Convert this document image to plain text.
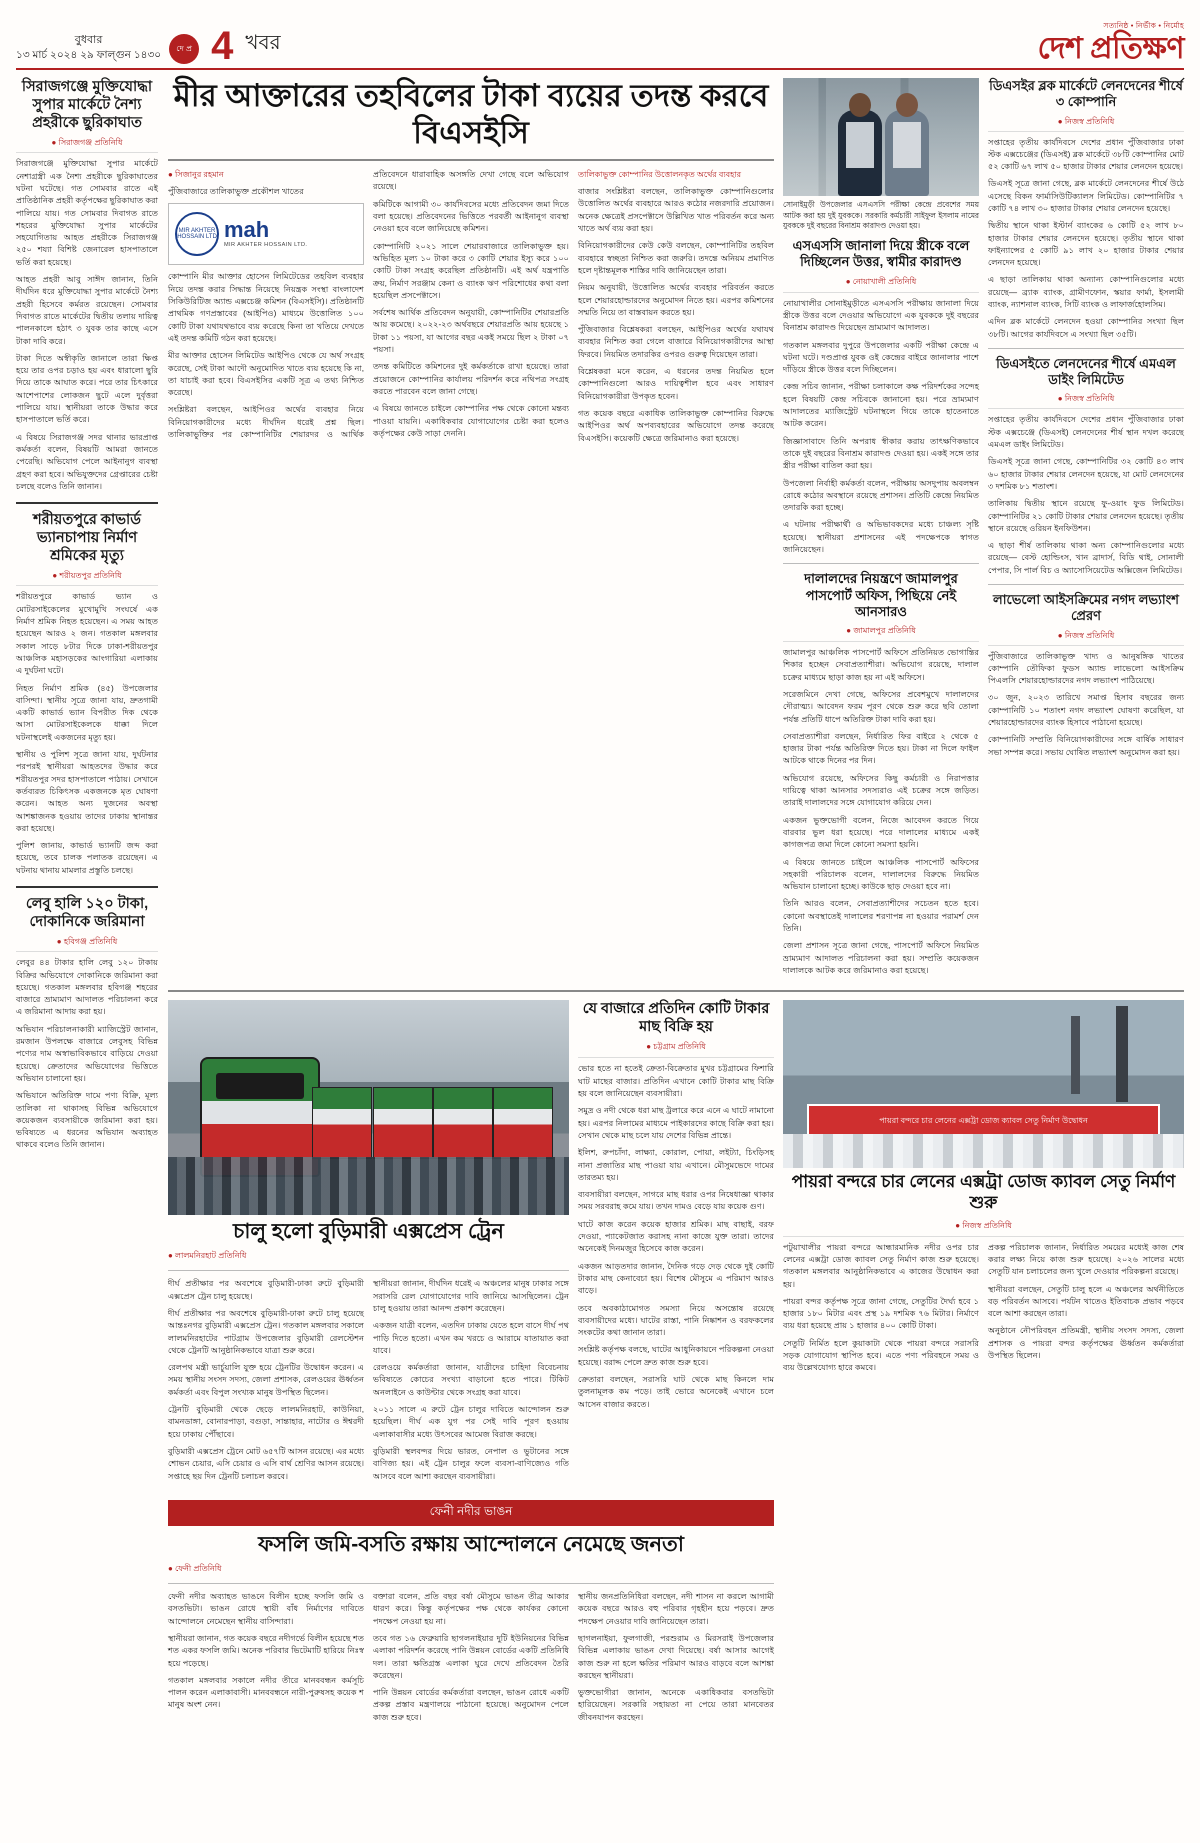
বুধবার
১৩ মার্চ ২০২৪ ২৯ ফাল্গুন ১৪৩০
দে প্র 4 খবর
সত্যনিষ্ঠ • নির্ভীক • নির্মোহ
দেশ প্রতিক্ষণ
সিরাজগঞ্জে মুক্তিযোদ্ধা সুপার মার্কেটে নৈশ্য প্রহরীকে ছুরিকাঘাত
● সিরাজগঞ্জ প্রতিনিধি

সিরাজগঞ্জে মুক্তিযোদ্ধা সুপার মার্কেটে নেশাগ্রস্ত্রী এক নৈশ্য প্রহরীকে ছুরিকাঘাতের ঘটনা ঘটেছে। গত সোমবার রাতে এই প্রাতিষ্ঠানিক প্রহরী কর্তৃপক্ষের ছুরিকাঘাত করা পালিয়ে যায়। গত সোমবার দিবাগত রাতে শহরের মুক্তিযোদ্ধা সুপার মার্কেটের সহযোগিতায় আহত প্রহরীকে সিরাজগঞ্জ ২৫০ শয্যা বিশিষ্ট জেনারেল হাসপাতালে ভর্তি করা হয়েছে।

আহত প্রহরী আবু সাঈদ জানান, তিনি দীর্ঘদিন ধরে মুক্তিযোদ্ধা সুপার মার্কেটে নৈশ্য প্রহরী হিসেবে কর্মরত রয়েছেন। সোমবার দিবাগত রাতে মার্কেটের দ্বিতীয় তলায় দায়িত্ব পালনকালে হঠাৎ ৩ যুবক তার কাছে এসে টাকা দাবি করে।

টাকা দিতে অস্বীকৃতি জানালে তারা ক্ষিপ্ত হয়ে তার ওপর চড়াও হয় এবং ধারালো ছুরি দিয়ে তাকে আঘাত করে। পরে তার চিৎকারে আশেপাশের লোকজন ছুটে এলে দুর্বৃত্তরা পালিয়ে যায়। স্থানীয়রা তাকে উদ্ধার করে হাসপাতালে ভর্তি করে।

এ বিষয়ে সিরাজগঞ্জ সদর থানার ভারপ্রাপ্ত কর্মকর্তা বলেন, বিষয়টি আমরা জানতে পেরেছি। অভিযোগ পেলে আইনানুগ ব্যবস্থা গ্রহণ করা হবে। অভিযুক্তদের গ্রেপ্তারের চেষ্টা চলছে বলেও তিনি জানান।

শরীয়তপুরে কাভার্ড ভ্যানচাপায় নির্মাণ শ্রমিকের মৃত্যু
● শরীয়তপুর প্রতিনিধি

শরীয়তপুরে কাভার্ড ভ্যান ও মোটরসাইকেলের মুখোমুখি সংঘর্ষে এক নির্মাণ শ্রমিক নিহত হয়েছেন। এ সময় আহত হয়েছেন আরও ২ জন। গতকাল মঙ্গলবার সকাল সাড়ে ৮টার দিকে ঢাকা-শরীয়তপুর আঞ্চলিক মহাসড়কের আংগারিয়া এলাকায় এ দুর্ঘটনা ঘটে।

নিহত নির্মাণ শ্রমিক (৪৫) উপজেলার বাসিন্দা। স্থানীয় সূত্রে জানা যায়, দ্রুতগামী একটি কাভার্ড ভ্যান বিপরীত দিক থেকে আসা মোটরসাইকেলকে ধাক্কা দিলে ঘটনাস্থলেই একজনের মৃত্যু হয়।

স্থানীয় ও পুলিশ সূত্রে জানা যায়, দুর্ঘটনার পরপরই স্থানীয়রা আহতদের উদ্ধার করে শরীয়তপুর সদর হাসপাতালে পাঠায়। সেখানে কর্তব্যরত চিকিৎসক একজনকে মৃত ঘোষণা করেন। আহত অন্য দুজনের অবস্থা আশঙ্কাজনক হওয়ায় তাদের ঢাকায় স্থানান্তর করা হয়েছে।

পুলিশ জানায়, কাভার্ড ভ্যানটি জব্দ করা হয়েছে, তবে চালক পলাতক রয়েছেন। এ ঘটনায় থানায় মামলার প্রস্তুতি চলছে।

লেবু হালি ১২০ টাকা, দোকানিকে জরিমানা
● হবিগঞ্জ প্রতিনিধি

লেবুর ৪৪ টাকার হালি লেবু ১২০ টাকায় বিক্রির অভিযোগে দোকানিকে জরিমানা করা হয়েছে। গতকাল মঙ্গলবার হবিগঞ্জ শহরের বাজারে ভ্রাম্যমাণ আদালত পরিচালনা করে এ জরিমানা আদায় করা হয়।

অভিযান পরিচালনাকারী ম্যাজিস্ট্রেট জানান, রমজান উপলক্ষে বাজারে লেবুসহ বিভিন্ন পণ্যের দাম অস্বাভাবিকভাবে বাড়িয়ে দেওয়া হয়েছে। ক্রেতাদের অভিযোগের ভিত্তিতে অভিযান চালানো হয়।

অভিযানে অতিরিক্ত দামে পণ্য বিক্রি, মূল্য তালিকা না থাকাসহ বিভিন্ন অভিযোগে কয়েকজন ব্যবসায়ীকে জরিমানা করা হয়। ভবিষ্যতে এ ধরনের অভিযান অব্যাহত থাকবে বলেও তিনি জানান।

মীর আক্তারের তহবিলের টাকা ব্যয়ের তদন্ত করবে বিএসইসি
● সিজানুর রহমান

পুঁজিবাজারে তালিকাভুক্ত প্রকৌশল খাতের

MIR AKHTER HOSSAIN LTD mah
MIR AKHTER HOSSAIN LTD.

কোম্পানি মীর আক্তার হোসেন লিমিটেডের তহবিল ব্যবহার নিয়ে তদন্ত করার সিদ্ধান্ত নিয়েছে নিয়ন্ত্রক সংস্থা বাংলাদেশ সিকিউরিটিজ অ্যান্ড এক্সচেঞ্জ কমিশন (বিএসইসি)। প্রতিষ্ঠানটি প্রাথমিক গণপ্রস্তাবের (আইপিও) মাধ্যমে উত্তোলিত ১০০ কোটি টাকা যথাযথভাবে ব্যয় করেছে কিনা তা খতিয়ে দেখতে এই তদন্ত কমিটি গঠন করা হয়েছে।

মীর আক্তার হোসেন লিমিটেড আইপিও থেকে যে অর্থ সংগ্রহ করেছে, সেই টাকা আদৌ অনুমোদিত খাতে ব্যয় হয়েছে কি না, তা যাচাই করা হবে। বিএসইসির একটি সূত্র এ তথ্য নিশ্চিত করেছে।

সংশ্লিষ্টরা বলছেন, আইপিওর অর্থের ব্যবহার নিয়ে বিনিয়োগকারীদের মধ্যে দীর্ঘদিন ধরেই প্রশ্ন ছিল। তালিকাভুক্তির পর কোম্পানিটির শেয়ারদর ও আর্থিক প্রতিবেদনে ধারাবাহিক অসঙ্গতি দেখা গেছে বলে অভিযোগ রয়েছে।

কমিটিকে আগামী ৩০ কার্যদিবসের মধ্যে প্রতিবেদন জমা দিতে বলা হয়েছে। প্রতিবেদনের ভিত্তিতে পরবর্তী আইনানুগ ব্যবস্থা নেওয়া হবে বলে জানিয়েছে কমিশন।

কোম্পানিটি ২০২১ সালে শেয়ারবাজারে তালিকাভুক্ত হয়। অভিহিত মূল্য ১০ টাকা করে ৩ কোটি শেয়ার ইস্যু করে ১০০ কোটি টাকা সংগ্রহ করেছিল প্রতিষ্ঠানটি। এই অর্থ যন্ত্রপাতি ক্রয়, নির্মাণ সরঞ্জাম কেনা ও ব্যাংক ঋণ পরিশোধের কথা বলা হয়েছিল প্রসপেক্টাসে।

সর্বশেষ আর্থিক প্রতিবেদন অনুযায়ী, কোম্পানিটির শেয়ারপ্রতি আয় কমেছে। ২০২২-২৩ অর্থবছরে শেয়ারপ্রতি আয় হয়েছে ১ টাকা ১১ পয়সা, যা আগের বছর একই সময়ে ছিল ২ টাকা ০৭ পয়সা।

তদন্ত কমিটিতে কমিশনের দুই কর্মকর্তাকে রাখা হয়েছে। তারা প্রয়োজনে কোম্পানির কার্যালয় পরিদর্শন করে নথিপত্র সংগ্রহ করতে পারবেন বলে জানা গেছে।

এ বিষয়ে জানতে চাইলে কোম্পানির পক্ষ থেকে কোনো মন্তব্য পাওয়া যায়নি। একাধিকবার যোগাযোগের চেষ্টা করা হলেও কর্তৃপক্ষের কেউ সাড়া দেননি।

তালিকাভুক্ত কোম্পানির উত্তোলনকৃত অর্থের ব্যবহার

বাজার সংশ্লিষ্টরা বলছেন, তালিকাভুক্ত কোম্পানিগুলোর উত্তোলিত অর্থের ব্যবহারে আরও কঠোর নজরদারি প্রয়োজন। অনেক ক্ষেত্রেই প্রসপেক্টাসে উল্লিখিত খাত পরিবর্তন করে অন্য খাতে অর্থ ব্যয় করা হয়।

বিনিয়োগকারীদের কেউ কেউ বলছেন, কোম্পানিটির তহবিল ব্যবহারে স্বচ্ছতা নিশ্চিত করা জরুরি। তদন্তে অনিয়ম প্রমাণিত হলে দৃষ্টান্তমূলক শাস্তির দাবি জানিয়েছেন তারা।

নিয়ম অনুযায়ী, উত্তোলিত অর্থের ব্যবহার পরিবর্তন করতে হলে শেয়ারহোল্ডারদের অনুমোদন নিতে হয়। এরপর কমিশনের সম্মতি নিয়ে তা বাস্তবায়ন করতে হয়।

পুঁজিবাজার বিশ্লেষকরা বলছেন, আইপিওর অর্থের যথাযথ ব্যবহার নিশ্চিত করা গেলে বাজারে বিনিয়োগকারীদের আস্থা ফিরবে। নিয়মিত তদারকির ওপরও গুরুত্ব দিয়েছেন তারা।

বিশ্লেষকরা মনে করেন, এ ধরনের তদন্ত নিয়মিত হলে কোম্পানিগুলো আরও দায়িত্বশীল হবে এবং সাধারণ বিনিয়োগকারীরা উপকৃত হবেন।

গত কয়েক বছরে একাধিক তালিকাভুক্ত কোম্পানির বিরুদ্ধে আইপিওর অর্থ অপব্যবহারের অভিযোগে তদন্ত করেছে বিএসইসি। কয়েকটি ক্ষেত্রে জরিমানাও করা হয়েছে।

সোনাইমুড়ী উপজেলার এসএসসি পরীক্ষা কেন্দ্রে প্রবেশের সময় আটক করা হয় দুই যুবককে। সরকারি কর্মচারী সাইফুল ইসলাম নামের যুবককে দুই বছরের বিনাশ্রম কারাদণ্ড দেওয়া হয়।
এসএসসি জানালা দিয়ে স্ত্রীকে বলে দিচ্ছিলেন উত্তর, স্বামীর কারাদণ্ড
● নোয়াখালী প্রতিনিধি

নোয়াখালীর সোনাইমুড়ীতে এসএসসি পরীক্ষায় জানালা দিয়ে স্ত্রীকে উত্তর বলে দেওয়ার অভিযোগে এক যুবককে দুই বছরের বিনাশ্রম কারাদণ্ড দিয়েছেন ভ্রাম্যমাণ আদালত।

গতকাল মঙ্গলবার দুপুরে উপজেলার একটি পরীক্ষা কেন্দ্রে এ ঘটনা ঘটে। দণ্ডপ্রাপ্ত যুবক ওই কেন্দ্রের বাইরে জানালার পাশে দাঁড়িয়ে স্ত্রীকে উত্তর বলে দিচ্ছিলেন।

কেন্দ্র সচিব জানান, পরীক্ষা চলাকালে কক্ষ পরিদর্শকের সন্দেহ হলে বিষয়টি কেন্দ্র সচিবকে জানানো হয়। পরে ভ্রাম্যমাণ আদালতের ম্যাজিস্ট্রেট ঘটনাস্থলে গিয়ে তাকে হাতেনাতে আটক করেন।

জিজ্ঞাসাবাদে তিনি অপরাধ স্বীকার করায় তাৎক্ষণিকভাবে তাকে দুই বছরের বিনাশ্রম কারাদণ্ড দেওয়া হয়। একই সঙ্গে তার স্ত্রীর পরীক্ষা বাতিল করা হয়।

উপজেলা নির্বাহী কর্মকর্তা বলেন, পরীক্ষায় অসদুপায় অবলম্বন রোধে কঠোর অবস্থানে রয়েছে প্রশাসন। প্রতিটি কেন্দ্রে নিয়মিত তদারকি করা হচ্ছে।

এ ঘটনায় পরীক্ষার্থী ও অভিভাবকদের মধ্যে চাঞ্চল্য সৃষ্টি হয়েছে। স্থানীয়রা প্রশাসনের এই পদক্ষেপকে স্বাগত জানিয়েছেন।

দালালদের নিয়ন্ত্রণে জামালপুর পাসপোর্ট অফিস, পিছিয়ে নেই আনসারও
● জামালপুর প্রতিনিধি

জামালপুর আঞ্চলিক পাসপোর্ট অফিসে প্রতিনিয়ত ভোগান্তির শিকার হচ্ছেন সেবাপ্রত্যাশীরা। অভিযোগ রয়েছে, দালাল চক্রের মাধ্যমে ছাড়া কাজ হয় না এই অফিসে।

সরেজমিনে দেখা গেছে, অফিসের প্রবেশমুখে দালালদের দৌরাত্ম্য। আবেদন ফরম পূরণ থেকে শুরু করে ছবি তোলা পর্যন্ত প্রতিটি ধাপে অতিরিক্ত টাকা দাবি করা হয়।

সেবাপ্রত্যাশীরা বলছেন, নির্ধারিত ফির বাইরে ২ থেকে ৫ হাজার টাকা পর্যন্ত অতিরিক্ত দিতে হয়। টাকা না দিলে ফাইল আটকে থাকে দিনের পর দিন।

অভিযোগ রয়েছে, অফিসের কিছু কর্মচারী ও নিরাপত্তার দায়িত্বে থাকা আনসার সদস্যরাও এই চক্রের সঙ্গে জড়িত। তারাই দালালদের সঙ্গে যোগাযোগ করিয়ে দেন।

একজন ভুক্তভোগী বলেন, নিজে আবেদন করতে গিয়ে বারবার ভুল ধরা হয়েছে। পরে দালালের মাধ্যমে একই কাগজপত্র জমা দিলে কোনো সমস্যা হয়নি।

এ বিষয়ে জানতে চাইলে আঞ্চলিক পাসপোর্ট অফিসের সহকারী পরিচালক বলেন, দালালদের বিরুদ্ধে নিয়মিত অভিযান চালানো হচ্ছে। কাউকে ছাড় দেওয়া হবে না।

তিনি আরও বলেন, সেবাপ্রত্যাশীদের সচেতন হতে হবে। কোনো অবস্থাতেই দালালের শরণাপন্ন না হওয়ার পরামর্শ দেন তিনি।

জেলা প্রশাসন সূত্রে জানা গেছে, পাসপোর্ট অফিসে নিয়মিত ভ্রাম্যমাণ আদালত পরিচালনা করা হয়। সম্প্রতি কয়েকজন দালালকে আটক করে জরিমানাও করা হয়েছে।

ডিএসইর ব্লক মার্কেটে লেনদেনের শীর্ষে ৩ কোম্পানি
● নিজস্ব প্রতিনিধি

সপ্তাহের তৃতীয় কার্যদিবসে দেশের প্রধান পুঁজিবাজার ঢাকা স্টক এক্সচেঞ্জের (ডিএসই) ব্লক মার্কেটে ৩৮টি কোম্পানির মোট ৫২ কোটি ৬৭ লাখ ৫০ হাজার টাকার শেয়ার লেনদেন হয়েছে।

ডিএসই সূত্রে জানা গেছে, ব্লক মার্কেটে লেনদেনের শীর্ষে উঠে এসেছে বিকন ফার্মাসিউটিক্যালস লিমিটেড। কোম্পানিটির ৭ কোটি ৭৪ লাখ ৩০ হাজার টাকার শেয়ার লেনদেন হয়েছে।

দ্বিতীয় স্থানে থাকা ইস্টার্ন ব্যাংকের ৬ কোটি ৫২ লাখ ৮০ হাজার টাকার শেয়ার লেনদেন হয়েছে। তৃতীয় স্থানে থাকা ফাইন্যান্সের ৫ কোটি ৯১ লাখ ২০ হাজার টাকার শেয়ার লেনদেন হয়েছে।

এ ছাড়া তালিকায় থাকা অন্যান্য কোম্পানিগুলোর মধ্যে রয়েছে— ব্র্যাক ব্যাংক, গ্রামীণফোন, স্কয়ার ফার্মা, ইসলামী ব্যাংক, ন্যাশনাল ব্যাংক, সিটি ব্যাংক ও লাফার্জহোলসিম।

এদিন ব্লক মার্কেটে লেনদেন হওয়া কোম্পানির সংখ্যা ছিল ৩৮টি। আগের কার্যদিবসে এ সংখ্যা ছিল ৩৫টি।

ডিএসইতে লেনদেনের শীর্ষে এমএল ডাইং লিমিটেড
● নিজস্ব প্রতিনিধি

সপ্তাহের তৃতীয় কার্যদিবসে দেশের প্রধান পুঁজিবাজার ঢাকা স্টক এক্সচেঞ্জে (ডিএসই) লেনদেনের শীর্ষ স্থান দখল করেছে এমএল ডাইং লিমিটেড।

ডিএসই সূত্রে জানা গেছে, কোম্পানিটির ৩২ কোটি ৪৩ লাখ ৬০ হাজার টাকার শেয়ার লেনদেন হয়েছে, যা মোট লেনদেনের ৩ দশমিক ৮১ শতাংশ।

তালিকায় দ্বিতীয় স্থানে রয়েছে ফু-ওয়াং ফুড লিমিটেড। কোম্পানিটির ২১ কোটি টাকার শেয়ার লেনদেন হয়েছে। তৃতীয় স্থানে রয়েছে ওরিয়ন ইনফিউশন।

এ ছাড়া শীর্ষ তালিকায় থাকা অন্য কোম্পানিগুলোর মধ্যে রয়েছে— বেস্ট হোল্ডিংস, খান ব্রাদার্স, বিডি থাই, সোনালী পেপার, সি পার্ল বিচ ও অ্যাসোসিয়েটেড অক্সিজেন লিমিটেড।

লাভেলো আইসক্রিমের নগদ লভ্যাংশ প্রেরণ
● নিজস্ব প্রতিনিধি

পুঁজিবাজারে তালিকাভুক্ত খাদ্য ও আনুষঙ্গিক খাতের কোম্পানি তৌফিকা ফুডস অ্যান্ড লাভেলো আইসক্রিম পিএলসি শেয়ারহোল্ডারদের নগদ লভ্যাংশ পাঠিয়েছে।

৩০ জুন, ২০২৩ তারিখে সমাপ্ত হিসাব বছরের জন্য কোম্পানিটি ১০ শতাংশ নগদ লভ্যাংশ ঘোষণা করেছিল, যা শেয়ারহোল্ডারদের ব্যাংক হিসাবে পাঠানো হয়েছে।

কোম্পানিটি সম্প্রতি বিনিয়োগকারীদের সঙ্গে বার্ষিক সাধারণ সভা সম্পন্ন করে। সভায় ঘোষিত লভ্যাংশ অনুমোদন করা হয়।

চালু হলো বুড়িমারী এক্সপ্রেস ট্রেন
● লালমনিরহাট প্রতিনিধি

দীর্ঘ প্রতীক্ষার পর অবশেষে বুড়িমারী-ঢাকা রুটে বুড়িমারী এক্সপ্রেস ট্রেন চালু হয়েছে।

দীর্ঘ প্রতীক্ষার পর অবশেষে বুড়িমারী-ঢাকা রুটে চালু হয়েছে আন্তঃনগর বুড়িমারী এক্সপ্রেস ট্রেন। গতকাল মঙ্গলবার সকালে লালমনিরহাটের পাটগ্রাম উপজেলার বুড়িমারী রেলস্টেশন থেকে ট্রেনটি আনুষ্ঠানিকভাবে যাত্রা শুরু করে।

রেলপথ মন্ত্রী ভার্চুয়ালি যুক্ত হয়ে ট্রেনটির উদ্বোধন করেন। এ সময় স্থানীয় সংসদ সদস্য, জেলা প্রশাসক, রেলওয়ের ঊর্ধ্বতন কর্মকর্তা এবং বিপুল সংখ্যক মানুষ উপস্থিত ছিলেন।

ট্রেনটি বুড়িমারী থেকে ছেড়ে লালমনিরহাট, কাউনিয়া, বামনডাঙ্গা, বোনারপাড়া, বগুড়া, সান্তাহার, নাটোর ও ঈশ্বরদী হয়ে ঢাকায় পৌঁছাবে।

বুড়িমারী এক্সপ্রেস ট্রেনে মোট ৬৫৭টি আসন রয়েছে। এর মধ্যে শোভন চেয়ার, এসি চেয়ার ও এসি বার্থ শ্রেণির আসন রয়েছে। সপ্তাহে ছয় দিন ট্রেনটি চলাচল করবে।

স্থানীয়রা জানান, দীর্ঘদিন ধরেই এ অঞ্চলের মানুষ ঢাকার সঙ্গে সরাসরি রেল যোগাযোগের দাবি জানিয়ে আসছিলেন। ট্রেন চালু হওয়ায় তারা আনন্দ প্রকাশ করেছেন।

একজন যাত্রী বলেন, এতদিন ঢাকায় যেতে হলে বাসে দীর্ঘ পথ পাড়ি দিতে হতো। এখন কম খরচে ও আরামে যাতায়াত করা যাবে।

রেলওয়ে কর্মকর্তারা জানান, যাত্রীদের চাহিদা বিবেচনায় ভবিষ্যতে কোচের সংখ্যা বাড়ানো হতে পারে। টিকিট অনলাইনে ও কাউন্টার থেকে সংগ্রহ করা যাবে।

২০১১ সালে এ রুটে ট্রেন চালুর দাবিতে আন্দোলন শুরু হয়েছিল। দীর্ঘ এক যুগ পর সেই দাবি পূরণ হওয়ায় এলাকাবাসীর মধ্যে উৎসবের আমেজ বিরাজ করছে।

বুড়িমারী স্থলবন্দর দিয়ে ভারত, নেপাল ও ভুটানের সঙ্গে বাণিজ্য হয়। এই ট্রেন চালুর ফলে ব্যবসা-বাণিজ্যেও গতি আসবে বলে আশা করছেন ব্যবসায়ীরা।

যে বাজারে প্রতিদিন কোটি টাকার মাছ বিক্রি হয়
● চট্টগ্রাম প্রতিনিধি

ভোর হতে না হতেই ক্রেতা-বিক্রেতার মুখর চট্টগ্রামের ফিশারি ঘাট মাছের বাজার। প্রতিদিন এখানে কোটি টাকার মাছ বিক্রি হয় বলে জানিয়েছেন ব্যবসায়ীরা।

সমুদ্র ও নদী থেকে ধরা মাছ ট্রলারে করে এনে এ ঘাটে নামানো হয়। এরপর নিলামের মাধ্যমে পাইকারদের কাছে বিক্রি করা হয়। সেখান থেকে মাছ চলে যায় দেশের বিভিন্ন প্রান্তে।

ইলিশ, রুপচাঁদা, লাক্ষ্যা, কোরাল, পোয়া, লইট্যা, চিংড়িসহ নানা প্রজাতির মাছ পাওয়া যায় এখানে। মৌসুমভেদে দামের তারতম্য হয়।

ব্যবসায়ীরা বলছেন, সাগরে মাছ ধরার ওপর নিষেধাজ্ঞা থাকার সময় সরবরাহ কমে যায়। তখন দামও বেড়ে যায় কয়েক গুণ।

ঘাটে কাজ করেন কয়েক হাজার শ্রমিক। মাছ বাছাই, বরফ দেওয়া, প্যাকেটজাত করাসহ নানা কাজে যুক্ত তারা। তাদের অনেকেই দিনমজুর হিসেবে কাজ করেন।

একজন আড়তদার জানান, দৈনিক গড়ে দেড় থেকে দুই কোটি টাকার মাছ কেনাবেচা হয়। বিশেষ মৌসুমে এ পরিমাণ আরও বাড়ে।

তবে অবকাঠামোগত সমস্যা নিয়ে অসন্তোষ রয়েছে ব্যবসায়ীদের মধ্যে। ঘাটের রাস্তা, পানি নিষ্কাশন ও বরফকলের সংকটের কথা জানান তারা।

সংশ্লিষ্ট কর্তৃপক্ষ বলছে, ঘাটের আধুনিকায়নে পরিকল্পনা নেওয়া হয়েছে। বরাদ্দ পেলে দ্রুত কাজ শুরু হবে।

ক্রেতারা বলছেন, সরাসরি ঘাট থেকে মাছ কিনলে দাম তুলনামূলক কম পড়ে। তাই ভোরে অনেকেই এখানে চলে আসেন বাজার করতে।

পায়রা বন্দরে চার লেনের এক্সট্রা ডোজ ক্যাবল সেতু নির্মাণ উদ্বোধন
পায়রা বন্দরে চার লেনের এক্সট্রা ডোজ ক্যাবল সেতু নির্মাণ শুরু
● নিজস্ব প্রতিনিধি

পটুয়াখালীর পায়রা বন্দরে আন্ধারমানিক নদীর ওপর চার লেনের এক্সট্রা ডোজ ক্যাবল সেতু নির্মাণ কাজ শুরু হয়েছে। গতকাল মঙ্গলবার আনুষ্ঠানিকভাবে এ কাজের উদ্বোধন করা হয়।

পায়রা বন্দর কর্তৃপক্ষ সূত্রে জানা গেছে, সেতুটির দৈর্ঘ্য হবে ১ হাজার ১৮০ মিটার এবং প্রস্থ ১৯ দশমিক ৭৬ মিটার। নির্মাণে ব্যয় ধরা হয়েছে প্রায় ১ হাজার ৪০০ কোটি টাকা।

সেতুটি নির্মিত হলে কুয়াকাটা থেকে পায়রা বন্দরে সরাসরি সড়ক যোগাযোগ স্থাপিত হবে। এতে পণ্য পরিবহনে সময় ও ব্যয় উল্লেখযোগ্য হারে কমবে।

প্রকল্প পরিচালক জানান, নির্ধারিত সময়ের মধ্যেই কাজ শেষ করার লক্ষ্য নিয়ে কাজ শুরু হয়েছে। ২০২৬ সালের মধ্যে সেতুটি যান চলাচলের জন্য খুলে দেওয়ার পরিকল্পনা রয়েছে।

স্থানীয়রা বলছেন, সেতুটি চালু হলে এ অঞ্চলের অর্থনীতিতে বড় পরিবর্তন আসবে। পর্যটন খাতেও ইতিবাচক প্রভাব পড়বে বলে আশা করছেন তারা।

অনুষ্ঠানে নৌপরিবহন প্রতিমন্ত্রী, স্থানীয় সংসদ সদস্য, জেলা প্রশাসক ও পায়রা বন্দর কর্তৃপক্ষের ঊর্ধ্বতন কর্মকর্তারা উপস্থিত ছিলেন।

ফেনী নদীর ভাঙন
ফসলি জমি-বসতি রক্ষায় আন্দোলনে নেমেছে জনতা
● ফেনী প্রতিনিধি

ফেনী নদীর অব্যাহত ভাঙনে বিলীন হচ্ছে ফসলি জমি ও বসতভিটা। ভাঙন রোধে স্থায়ী বাঁধ নির্মাণের দাবিতে আন্দোলনে নেমেছেন স্থানীয় বাসিন্দারা।

স্থানীয়রা জানান, গত কয়েক বছরে নদীগর্ভে বিলীন হয়েছে শত শত একর ফসলি জমি। অনেক পরিবার ভিটেমাটি হারিয়ে নিঃস্ব হয়ে পড়েছে।

গতকাল মঙ্গলবার সকালে নদীর তীরে মানববন্ধন কর্মসূচি পালন করেন এলাকাবাসী। মানববন্ধনে নারী-পুরুষসহ কয়েক শ মানুষ অংশ নেন।

বক্তারা বলেন, প্রতি বছর বর্ষা মৌসুমে ভাঙন তীব্র আকার ধারণ করে। কিন্তু কর্তৃপক্ষের পক্ষ থেকে কার্যকর কোনো পদক্ষেপ নেওয়া হয় না।

তবে গত ১৬ ফেব্রুয়ারি ছাগলনাইয়ার দুটি ইউনিয়নের বিভিন্ন এলাকা পরিদর্শন করেছে পানি উন্নয়ন বোর্ডের একটি প্রতিনিধি দল। তারা ক্ষতিগ্রস্ত এলাকা ঘুরে দেখে প্রতিবেদন তৈরি করেছেন।

পানি উন্নয়ন বোর্ডের কর্মকর্তারা বলছেন, ভাঙন রোধে একটি প্রকল্প প্রস্তাব মন্ত্রণালয়ে পাঠানো হয়েছে। অনুমোদন পেলে কাজ শুরু হবে।

স্থানীয় জনপ্রতিনিধিরা বলছেন, নদী শাসন না করলে আগামী কয়েক বছরে আরও বহু পরিবার গৃহহীন হয়ে পড়বে। দ্রুত পদক্ষেপ নেওয়ার দাবি জানিয়েছেন তারা।

ছাগলনাইয়া, ফুলগাজী, পরশুরাম ও মিরসরাই উপজেলার বিভিন্ন এলাকায় ভাঙন দেখা দিয়েছে। বর্ষা আসার আগেই কাজ শুরু না হলে ক্ষতির পরিমাণ আরও বাড়বে বলে আশঙ্কা করছেন স্থানীয়রা।

ভুক্তভোগীরা জানান, অনেকে একাধিকবার বসতভিটা হারিয়েছেন। সরকারি সহায়তা না পেয়ে তারা মানবেতর জীবনযাপন করছেন।
